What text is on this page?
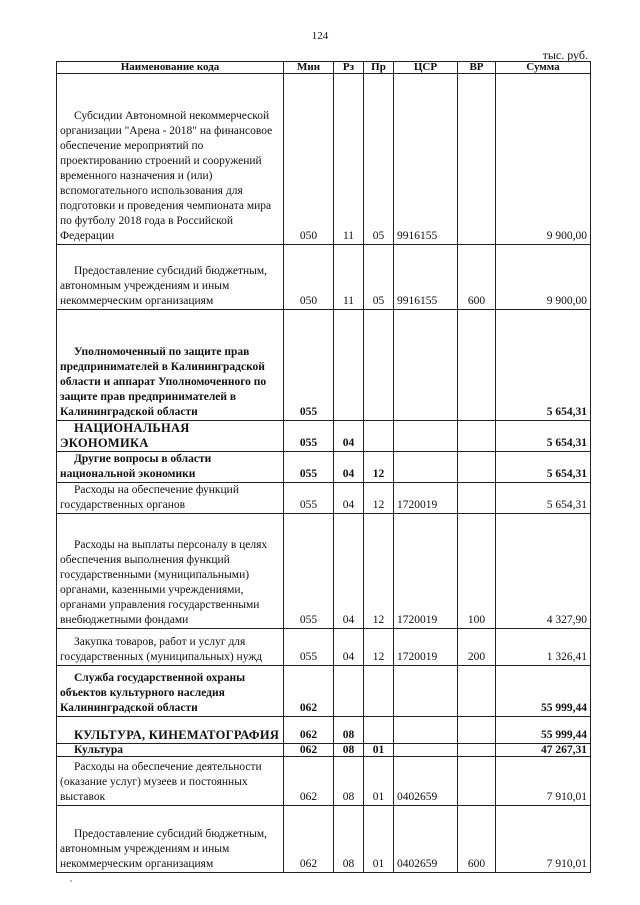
124
тыс. руб.
Наименование кода	Мин	Рз	Пр	ЦСР	ВР	Сумма
Субсидии Автономной некоммерческой организации "Арена - 2018" на финансовое обеспечение мероприятий по проектированию строений и сооружений временного назначения и (или) вспомогательного использования для подготовки и проведения чемпионата мира по футболу 2018 года в Российской Федерации	050	11	05	9916155		9 900,00
Предоставление субсидий бюджетным, автономным учреждениям и иным некоммерческим организациям	050	11	05	9916155	600	9 900,00
Уполномоченный по защите прав предпринимателей в Калининградской области и аппарат Уполномоченного по защите прав предпринимателей в Калининградской области	055					5 654,31
НАЦИОНАЛЬНАЯ ЭКОНОМИКА	055	04				5 654,31
Другие вопросы в области национальной экономики	055	04	12			5 654,31
Расходы на обеспечение функций государственных органов	055	04	12	1720019		5 654,31
Расходы на выплаты персоналу в целях обеспечения выполнения функций государственными (муниципальными) органами, казенными учреждениями, органами управления государственными внебюджетными фондами	055	04	12	1720019	100	4 327,90
Закупка товаров, работ и услуг для государственных (муниципальных) нужд	055	04	12	1720019	200	1 326,41
Служба государственной охраны объектов культурного наследия Калининградской области	062					55 999,44
КУЛЬТУРА, КИНЕМАТОГРАФИЯ	062	08				55 999,44
Культура	062	08	01			47 267,31
Расходы на обеспечение деятельности (оказание услуг) музеев и постоянных выставок	062	08	01	0402659		7 910,01
Предоставление субсидий бюджетным, автономным учреждениям и иным некоммерческим организациям	062	08	01	0402659	600	7 910,01
